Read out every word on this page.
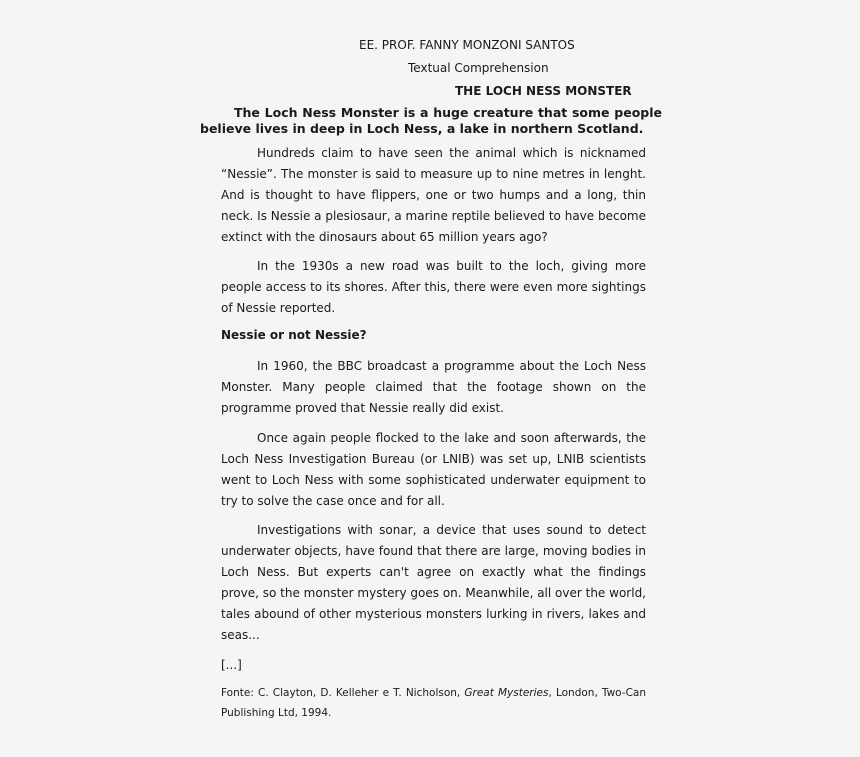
EE. PROF. FANNY MONZONI SANTOS
Textual Comprehension
THE LOCH NESS MONSTER
The Loch Ness Monster is a huge creature that some people believe lives in deep in Loch Ness, a lake in northern Scotland.
Hundreds claim to have seen the animal which is nicknamed “Nessie”. The monster is said to measure up to nine metres in lenght. And is thought to have flippers, one or two humps and a long, thin neck. Is Nessie a plesiosaur, a marine reptile believed to have become extinct with the dinosaurs about 65 million years ago?
In the 1930s a new road was built to the loch, giving more people access to its shores. After this, there were even more sightings of Nessie reported.
Nessie or not Nessie?
In 1960, the BBC broadcast a programme about the Loch Ness Monster. Many people claimed that the footage shown on the programme proved that Nessie really did exist.
Once again people flocked to the lake and soon afterwards, the Loch Ness Investigation Bureau (or LNIB) was set up, LNIB scientists went to Loch Ness with some sophisticated underwater equipment to try to solve the case once and for all.
Investigations with sonar, a device that uses sound to detect underwater objects, have found that there are large, moving bodies in Loch Ness. But experts can't agree on exactly what the findings prove, so the monster mystery goes on. Meanwhile, all over the world, tales abound of other mysterious monsters lurking in rivers, lakes and seas...
[...]
Fonte: C. Clayton, D. Kelleher e T. Nicholson, Great Mysteries, London, Two-Can Publishing Ltd, 1994.
